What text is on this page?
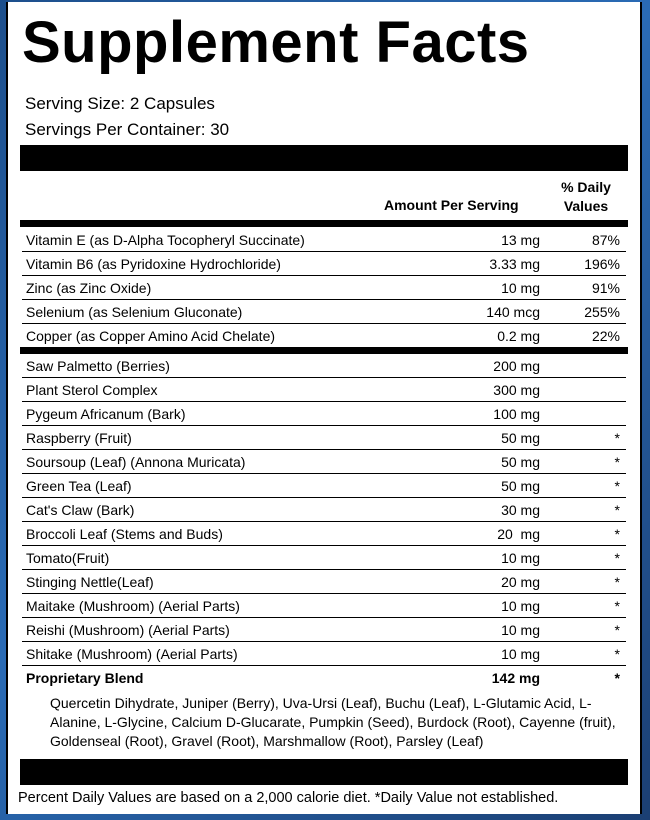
Supplement Facts
Serving Size: 2 Capsules
Servings Per Container: 30
Amount Per Serving
% Daily
Values
Vitamin E (as D-Alpha Tocopheryl Succinate)	13 mg	87%
Vitamin B6 (as Pyridoxine Hydrochloride)	3.33 mg	196%
Zinc (as Zinc Oxide)	10 mg	91%
Selenium (as Selenium Gluconate)	140 mcg	255%
Copper (as Copper Amino Acid Chelate)	0.2 mg	22%
Saw Palmetto (Berries)	200 mg
Plant Sterol Complex	300 mg
Pygeum Africanum (Bark)	100 mg
Raspberry (Fruit)	50 mg	*
Soursoup (Leaf) (Annona Muricata)	50 mg	*
Green Tea (Leaf)	50 mg	*
Cat's Claw (Bark)	30 mg	*
Broccoli Leaf (Stems and Buds)	20  mg	*
Tomato(Fruit)	10 mg	*
Stinging Nettle(Leaf)	20 mg	*
Maitake (Mushroom) (Aerial Parts)	10 mg	*
Reishi (Mushroom) (Aerial Parts)	10 mg	*
Shitake (Mushroom) (Aerial Parts)	10 mg	*
Proprietary Blend	142 mg	*
Quercetin Dihydrate, Juniper (Berry), Uva-Ursi (Leaf), Buchu (Leaf), L-Glutamic Acid, L-Alanine, L-Glycine, Calcium D-Glucarate, Pumpkin (Seed), Burdock (Root), Cayenne (fruit), Goldenseal (Root), Gravel (Root), Marshmallow (Root), Parsley (Leaf)
Percent Daily Values are based on a 2,000 calorie diet. *Daily Value not established.
